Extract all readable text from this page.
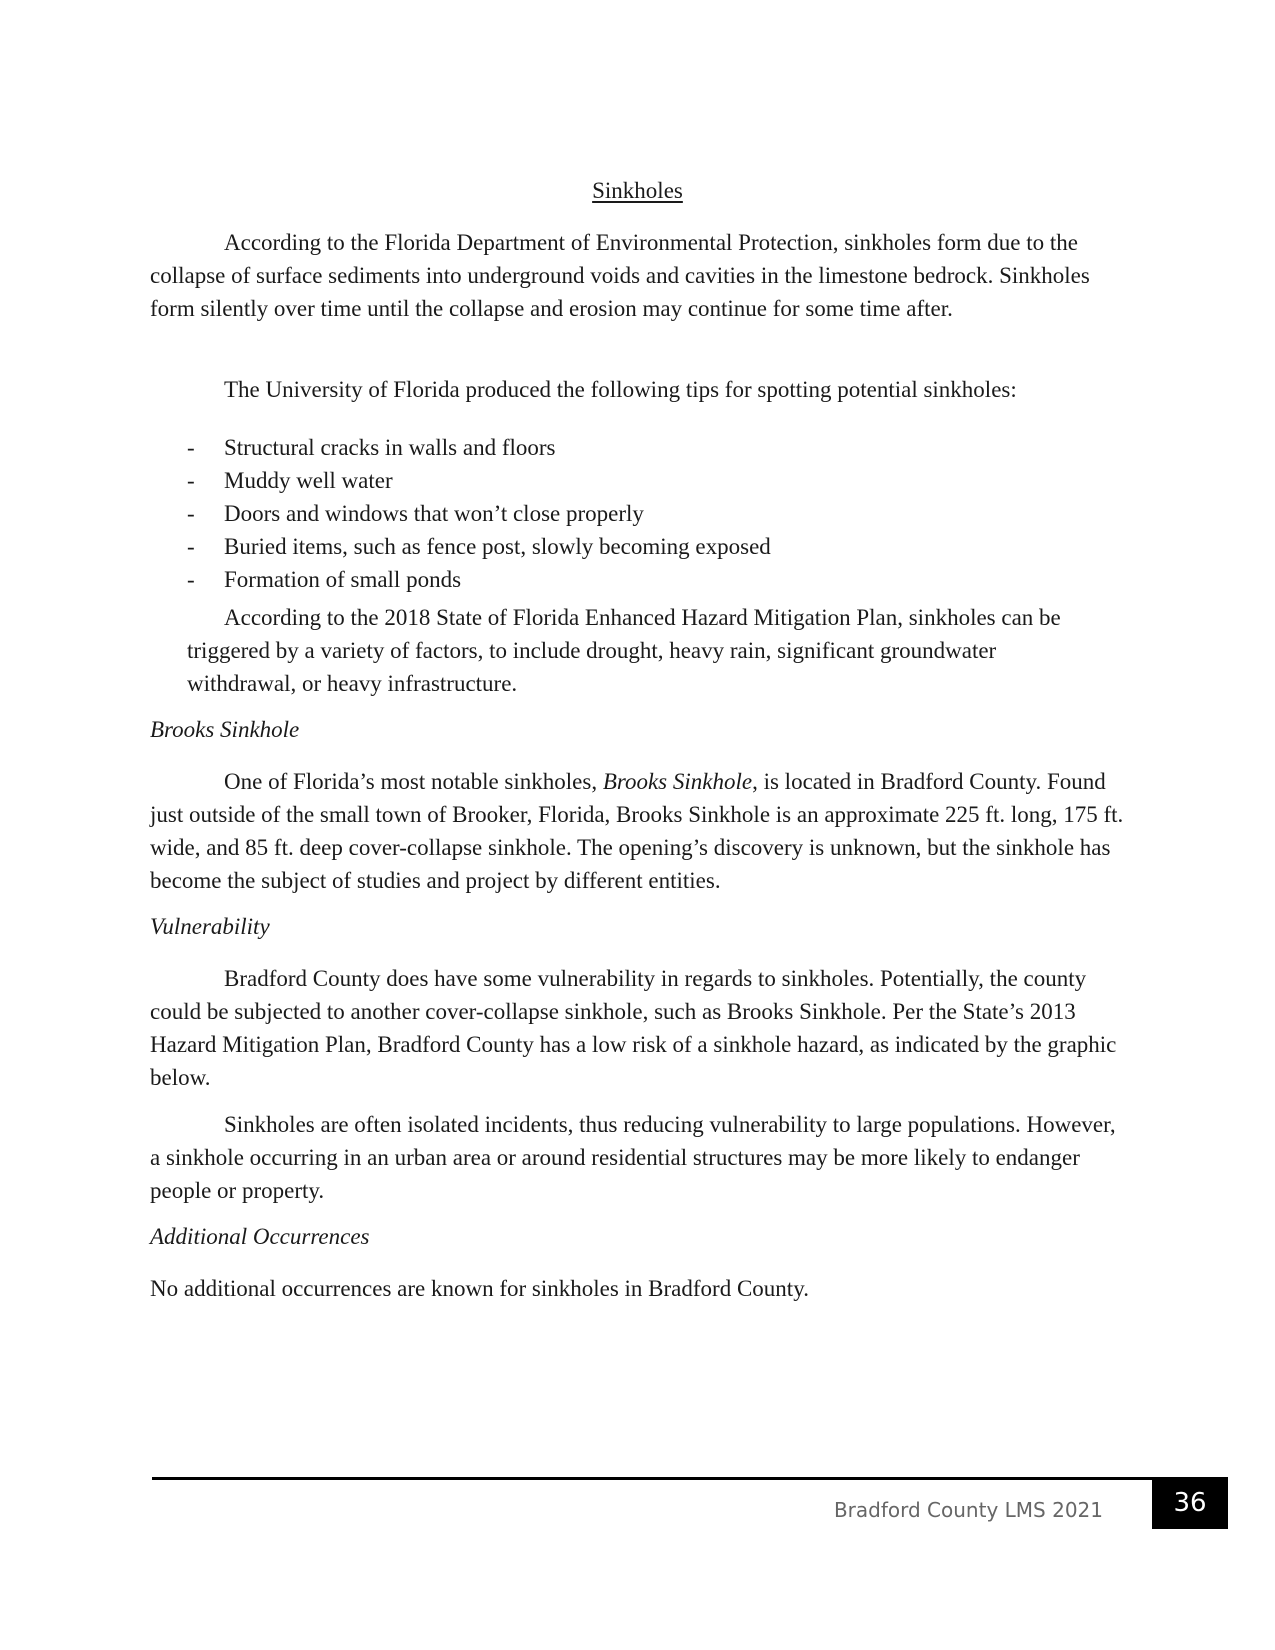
Sinkholes

According to the Florida Department of Environmental Protection, sinkholes form due to the collapse of surface sediments into underground voids and cavities in the limestone bedrock. Sinkholes form silently over time until the collapse and erosion may continue for some time after.

The University of Florida produced the following tips for spotting potential sinkholes:

- Structural cracks in walls and floors
- Muddy well water
- Doors and windows that won’t close properly
- Buried items, such as fence post, slowly becoming exposed
- Formation of small ponds

According to the 2018 State of Florida Enhanced Hazard Mitigation Plan, sinkholes can be triggered by a variety of factors, to include drought, heavy rain, significant groundwater withdrawal, or heavy infrastructure.

Brooks Sinkhole

One of Florida’s most notable sinkholes, Brooks Sinkhole, is located in Bradford County. Found just outside of the small town of Brooker, Florida, Brooks Sinkhole is an approximate 225 ft. long, 175 ft. wide, and 85 ft. deep cover-collapse sinkhole. The opening’s discovery is unknown, but the sinkhole has become the subject of studies and project by different entities.

Vulnerability

Bradford County does have some vulnerability in regards to sinkholes. Potentially, the county could be subjected to another cover-collapse sinkhole, such as Brooks Sinkhole. Per the State’s 2013 Hazard Mitigation Plan, Bradford County has a low risk of a sinkhole hazard, as indicated by the graphic below.

Sinkholes are often isolated incidents, thus reducing vulnerability to large populations. However, a sinkhole occurring in an urban area or around residential structures may be more likely to endanger people or property.

Additional Occurrences

No additional occurrences are known for sinkholes in Bradford County.

Bradford County LMS 2021	36
